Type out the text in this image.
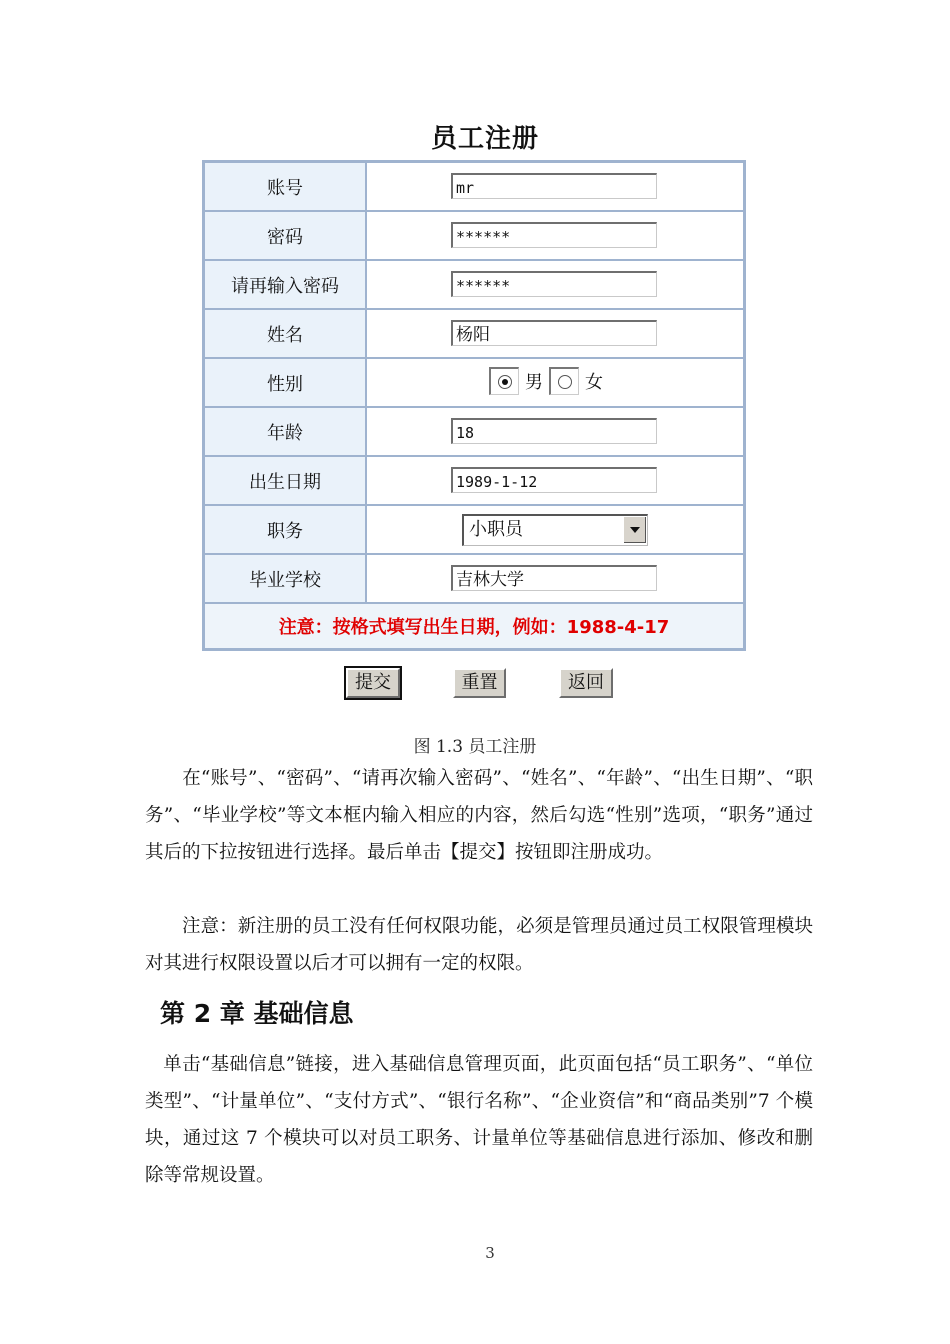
员工注册
账号	mr

密码	******

请再输入密码	******

姓名	杨阳

性别	男 女

年龄	18

出生日期	1989-1-12

职务	小职员

毕业学校	吉林大学

注意：按格式填写出生日期，例如：1988-4-17	
提交	重置	返回
图 1.3 员工注册

在“账号”、“密码”、“请再次输入密码”、“姓名”、“年龄”、“出生日期”、“职务”、“毕业学校”等文本框内输入相应的内容，然后勾选“性别”选项，“职务”通过其后的下拉按钮进行选择。最后单击【提交】按钮即注册成功。

注意：新注册的员工没有任何权限功能，必须是管理员通过员工权限管理模块对其进行权限设置以后才可以拥有一定的权限。

第 2 章 基础信息

单击“基础信息”链接，进入基础信息管理页面，此页面包括“员工职务”、“单位类型”、“计量单位”、“支付方式”、“银行名称”、“企业资信”和“商品类别”7 个模块，通过这 7 个模块可以对员工职务、计量单位等基础信息进行添加、修改和删除等常规设置。

3
